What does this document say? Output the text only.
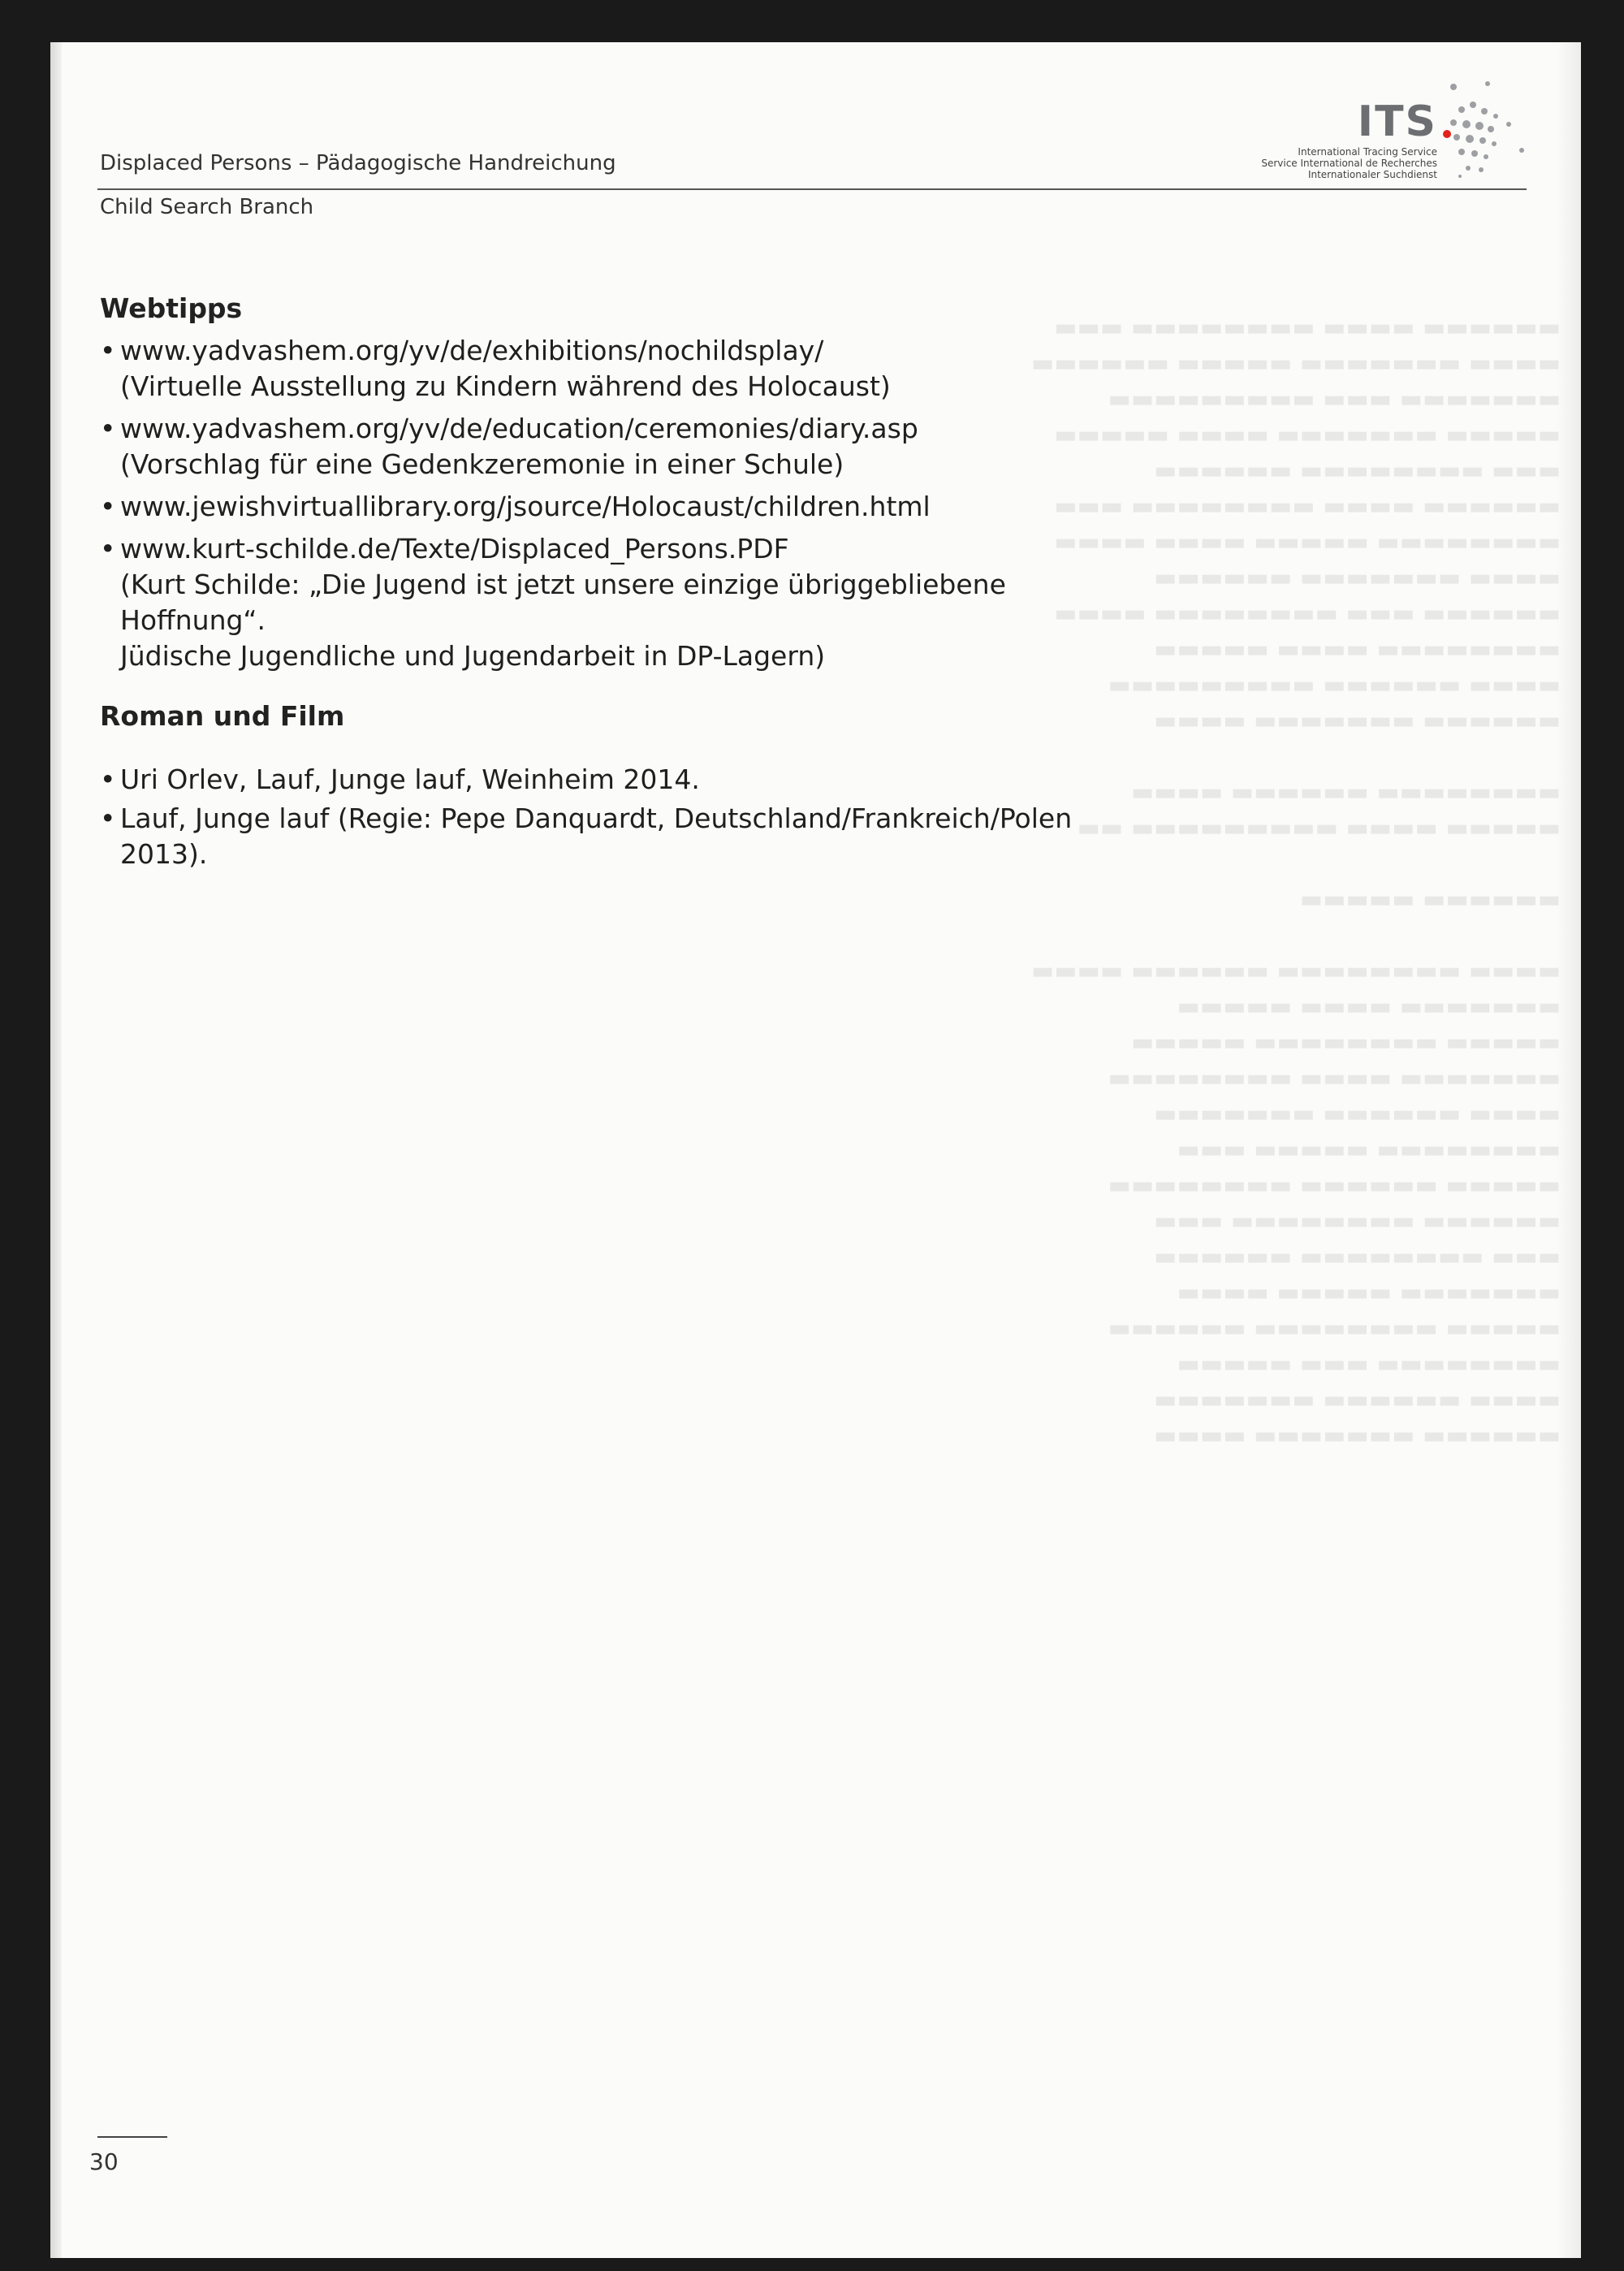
▬▬▬▬▬▬ ▬▬▬▬ ▬▬▬▬▬▬▬▬ ▬▬▬
▬▬▬▬ ▬▬▬▬▬▬▬ ▬▬▬▬▬ ▬▬▬▬▬▬
▬▬▬▬▬▬▬ ▬▬▬ ▬▬▬▬▬▬▬▬▬
▬▬▬▬▬ ▬▬▬▬▬▬▬ ▬▬▬▬ ▬▬▬▬▬
▬▬▬ ▬▬▬▬▬▬▬▬ ▬▬▬▬▬▬
▬▬▬▬▬▬ ▬▬▬▬ ▬▬▬▬▬▬▬▬ ▬▬▬
▬▬▬▬▬▬▬▬ ▬▬▬▬▬ ▬▬▬▬ ▬▬▬▬
▬▬▬▬ ▬▬▬▬▬▬▬ ▬▬▬▬▬▬
▬▬▬▬▬▬ ▬▬▬ ▬▬▬▬▬▬▬▬ ▬▬▬▬
▬▬▬▬▬▬▬▬ ▬▬▬▬ ▬▬▬▬▬
▬▬▬▬ ▬▬▬▬▬▬ ▬▬▬▬▬▬▬▬▬
▬▬▬▬▬▬ ▬▬▬▬▬▬▬ ▬▬▬▬

▬▬▬▬▬▬▬▬ ▬▬▬▬▬▬ ▬▬▬▬
▬▬▬▬▬ ▬▬▬▬ ▬▬▬▬▬▬▬▬▬ ▬▬

▬▬▬▬▬▬ ▬▬▬▬▬

▬▬▬▬ ▬▬▬▬▬▬▬▬ ▬▬▬▬▬▬ ▬▬▬▬
▬▬▬▬▬▬▬ ▬▬▬▬ ▬▬▬▬▬
▬▬▬▬▬ ▬▬▬▬▬▬▬▬ ▬▬▬▬▬
▬▬▬▬▬▬▬ ▬▬▬▬ ▬▬▬▬▬▬▬▬
▬▬▬▬ ▬▬▬▬▬▬ ▬▬▬▬▬▬▬
▬▬▬▬▬▬▬▬ ▬▬▬▬▬ ▬▬▬
▬▬▬▬▬ ▬▬▬▬▬▬ ▬▬▬▬▬▬▬▬
▬▬▬▬▬▬ ▬▬▬▬▬▬▬▬ ▬▬▬
▬▬▬ ▬▬▬▬▬▬▬▬ ▬▬▬▬▬▬
▬▬▬▬▬▬▬ ▬▬▬▬▬ ▬▬▬▬
▬▬▬▬▬ ▬▬▬▬▬▬▬▬ ▬▬▬▬▬▬
▬▬▬▬▬▬▬▬ ▬▬▬ ▬▬▬▬▬
▬▬▬▬ ▬▬▬▬▬▬ ▬▬▬▬▬▬▬
▬▬▬▬▬▬ ▬▬▬▬▬▬▬ ▬▬▬▬
Displaced Persons – Pädagogische Handreichung
Child Search Branch
ITS
International Tracing Service
Service International de Recherches
Internationaler Suchdienst
Webtipps
• www.yadvashem.org/yv/de/exhibitions/nochildsplay/
(Virtuelle Ausstellung zu Kindern während des Holocaust)
• www.yadvashem.org/yv/de/education/ceremonies/diary.asp
(Vorschlag für eine Gedenkzeremonie in einer Schule)
• www.jewishvirtuallibrary.org/jsource/Holocaust/children.html
• www.kurt-schilde.de/Texte/Displaced_Persons.PDF
(Kurt Schilde: „Die Jugend ist jetzt unsere einzige übriggebliebene Hoffnung“.
Jüdische Jugendliche und Jugendarbeit in DP-Lagern)
Roman und Film
• Uri Orlev, Lauf, Junge lauf, Weinheim 2014.
• Lauf, Junge lauf (Regie: Pepe Danquardt, Deutschland/Frankreich/Polen 2013).
30
